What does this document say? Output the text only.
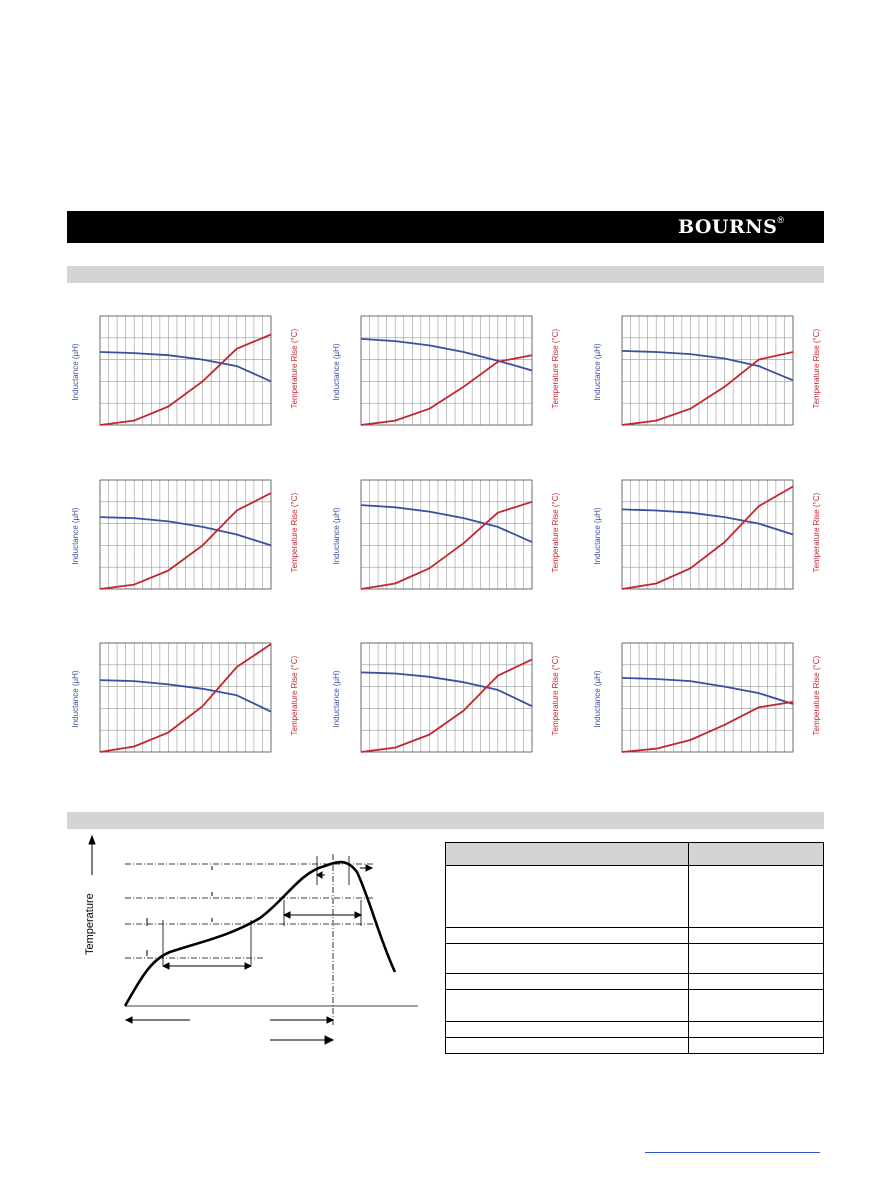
BOURNS®
Inductance (µH)	Temperature Rise (°C)	Inductance (µH)	Temperature Rise (°C)	Inductance (µH)	Temperature Rise (°C)
Inductance (µH)	Temperature Rise (°C)	Inductance (µH)	Temperature Rise (°C)	Inductance (µH)	Temperature Rise (°C)
Inductance (µH)	Temperature Rise (°C)	Inductance (µH)	Temperature Rise (°C)	Inductance (µH)	Temperature Rise (°C)
Temperature
